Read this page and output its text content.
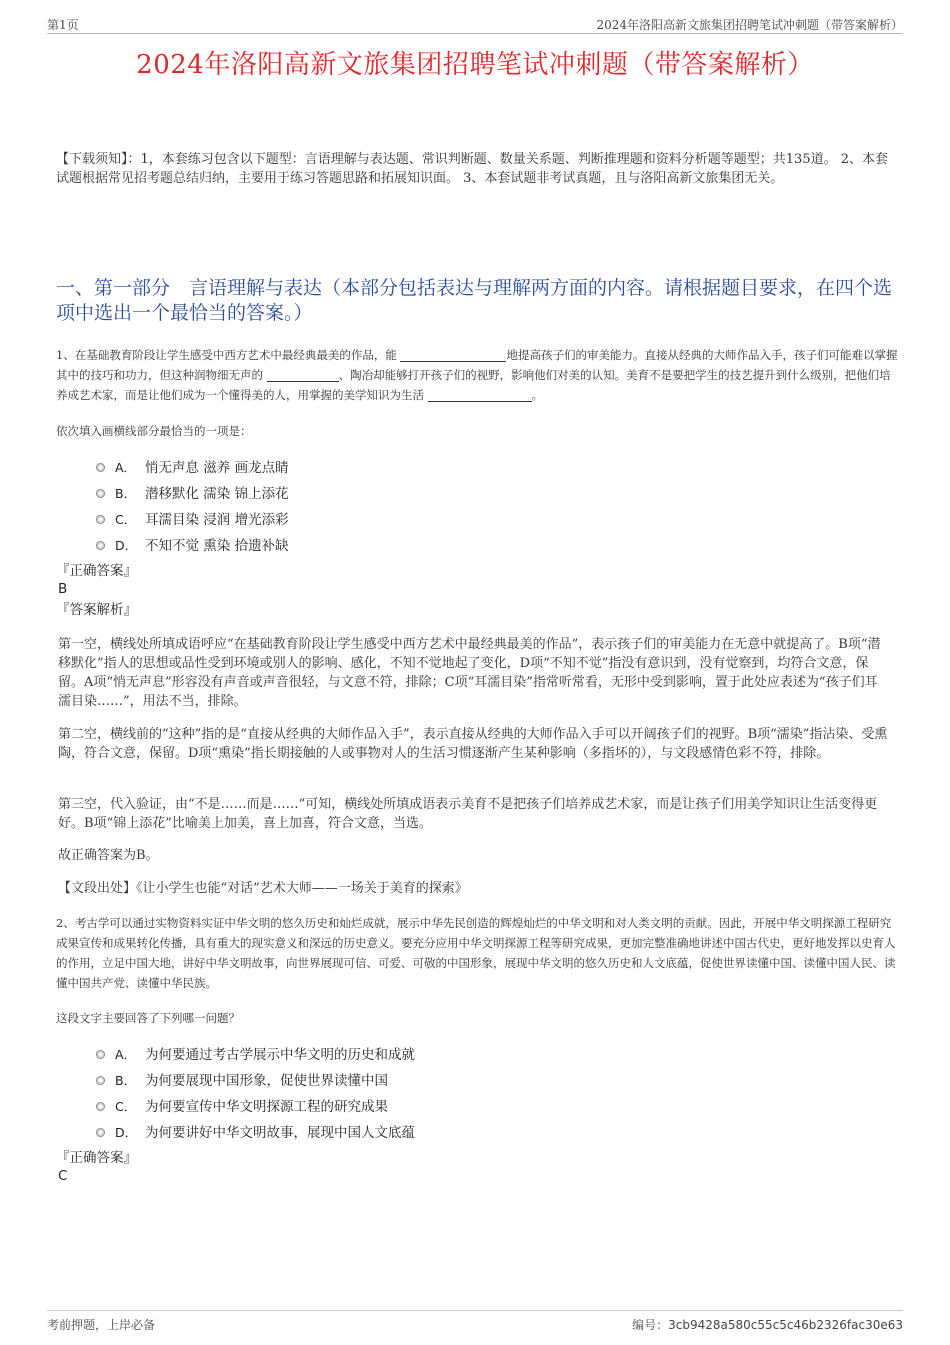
第1页	2024年洛阳高新文旅集团招聘笔试冲刺题（带答案解析）
2024年洛阳高新文旅集团招聘笔试冲刺题（带答案解析）

【下载须知】：1，本套练习包含以下题型：言语理解与表达题、常识判断题、数量关系题、判断推理题和资料分析题等题型；共135道。 2、本套试题根据常见招考题总结归纳，主要用于练习答题思路和拓展知识面。 3、本套试题非考试真题，且与洛阳高新文旅集团无关。

一、第一部分　言语理解与表达（本部分包括表达与理解两方面的内容。请根据题目要求，在四个选项中选出一个最恰当的答案。）

1、在基础教育阶段让学生感受中西方艺术中最经典最美的作品，能	地提高孩子们的审美能力。直接从经典的大师作品入手，孩子们可能难以掌握其中的技巧和功力，但这种润物细无声的	、陶冶却能够打开孩子们的视野，影响他们对美的认知。美育不是要把学生的技艺提升到什么级别，把他们培养成艺术家，而是让他们成为一个懂得美的人，用掌握的美学知识为生活	。

依次填入画横线部分最恰当的一项是：

A． 悄无声息 滋养 画龙点睛
B． 潜移默化 濡染 锦上添花
C． 耳濡目染 浸润 增光添彩
D． 不知不觉 熏染 拾遗补缺

『正确答案』

B

『答案解析』

第一空，横线处所填成语呼应“在基础教育阶段让学生感受中西方艺术中最经典最美的作品”，表示孩子们的审美能力在无意中就提高了。B项“潜移默化”指人的思想或品性受到环境或别人的影响、感化，不知不觉地起了变化，D项“不知不觉”指没有意识到，没有觉察到，均符合文意，保留。A项“悄无声息”形容没有声音或声音很轻，与文意不符，排除；C项“耳濡目染”指常听常看，无形中受到影响，置于此处应表述为“孩子们耳濡目染……”，用法不当，排除。

第二空，横线前的“这种”指的是“直接从经典的大师作品入手”，表示直接从经典的大师作品入手可以开阔孩子们的视野。B项“濡染”指沾染、受熏陶，符合文意，保留。D项“熏染”指长期接触的人或事物对人的生活习惯逐渐产生某种影响（多指坏的），与文段感情色彩不符，排除。

第三空，代入验证，由“不是……而是……”可知，横线处所填成语表示美育不是把孩子们培养成艺术家，而是让孩子们用美学知识让生活变得更好。B项“锦上添花”比喻美上加美，喜上加喜，符合文意，当选。

故正确答案为B。

【文段出处】《让小学生也能“对话”艺术大师——一场关于美育的探索》

2、考古学可以通过实物资料实证中华文明的悠久历史和灿烂成就，展示中华先民创造的辉煌灿烂的中华文明和对人类文明的贡献。因此，开展中华文明探源工程研究成果宣传和成果转化传播，具有重大的现实意义和深远的历史意义。要充分应用中华文明探源工程等研究成果，更加完整准确地讲述中国古代史，更好地发挥以史育人的作用，立足中国大地，讲好中华文明故事，向世界展现可信、可爱、可敬的中国形象，展现中华文明的悠久历史和人文底蕴，促使世界读懂中国、读懂中国人民、读懂中国共产党、读懂中华民族。

这段文字主要回答了下列哪一问题？

A． 为何要通过考古学展示中华文明的历史和成就
B． 为何要展现中国形象，促使世界读懂中国
C． 为何要宣传中华文明探源工程的研究成果
D． 为何要讲好中华文明故事，展现中国人文底蕴

『正确答案』

C

考前押题，上岸必备	编号：3cb9428a580c55c5c46b2326fac30e63
